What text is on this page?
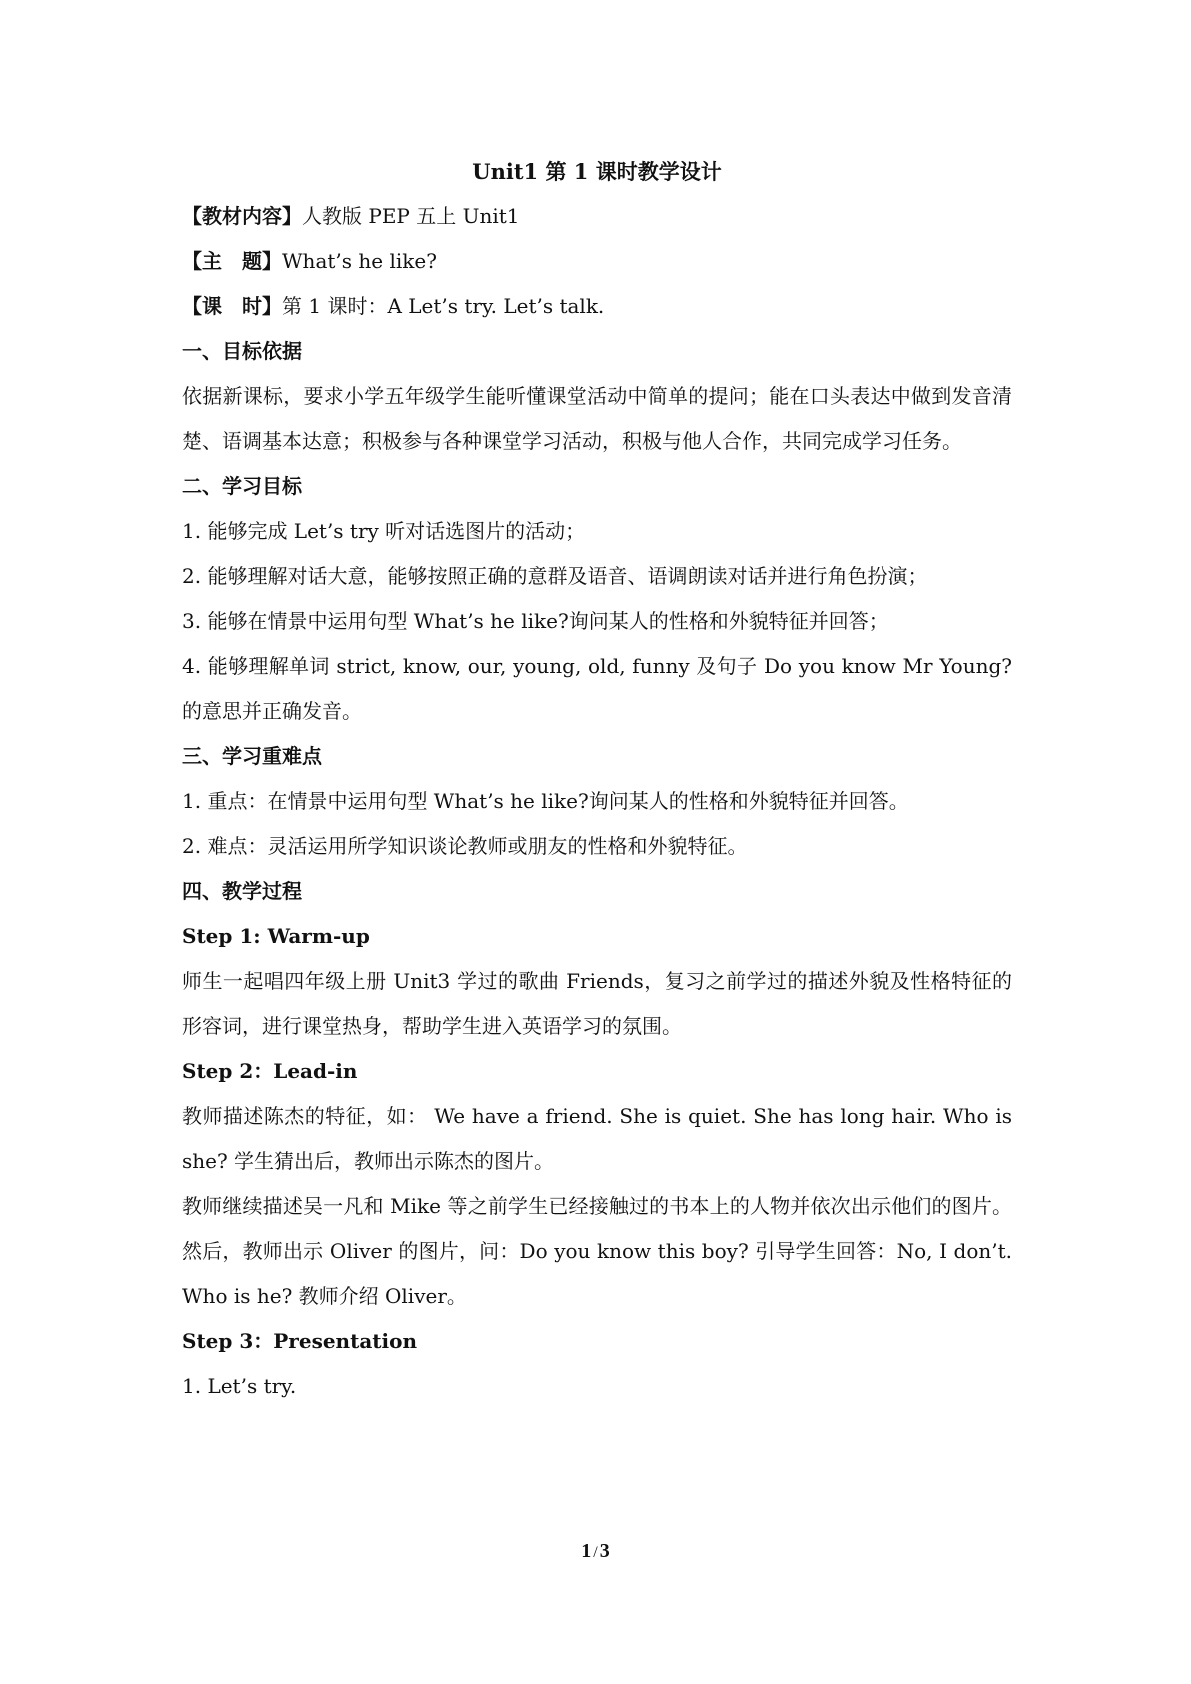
Unit1 第 1 课时教学设计

【教材内容】人教版 PEP 五上 Unit1

【主　题】What’s he like?

【课　时】第 1 课时：A Let’s try. Let’s talk.

一、目标依据

依据新课标，要求小学五年级学生能听懂课堂活动中简单的提问；能在口头表达中做到发音清楚、语调基本达意；积极参与各种课堂学习活动，积极与他人合作，共同完成学习任务。

二、学习目标

1. 能够完成 Let’s try 听对话选图片的活动；

2. 能够理解对话大意，能够按照正确的意群及语音、语调朗读对话并进行角色扮演；

3. 能够在情景中运用句型 What’s he like?询问某人的性格和外貌特征并回答；

4. 能够理解单词 strict, know, our, young, old, funny 及句子 Do you know Mr Young?的意思并正确发音。

三、学习重难点

1. 重点：在情景中运用句型 What’s he like?询问某人的性格和外貌特征并回答。

2. 难点：灵活运用所学知识谈论教师或朋友的性格和外貌特征。

四、教学过程

Step 1: Warm-up

师生一起唱四年级上册 Unit3 学过的歌曲 Friends，复习之前学过的描述外貌及性格特征的形容词，进行课堂热身，帮助学生进入英语学习的氛围。

Step 2：Lead-in

教师描述陈杰的特征，如： We have a friend. She is quiet. She has long hair. Who is she? 学生猜出后，教师出示陈杰的图片。

教师继续描述吴一凡和 Mike 等之前学生已经接触过的书本上的人物并依次出示他们的图片。然后，教师出示 Oliver 的图片，问：Do you know this boy? 引导学生回答：No, I don’t. Who is he? 教师介绍 Oliver。

Step 3：Presentation

1. Let’s try.

1 / 3
